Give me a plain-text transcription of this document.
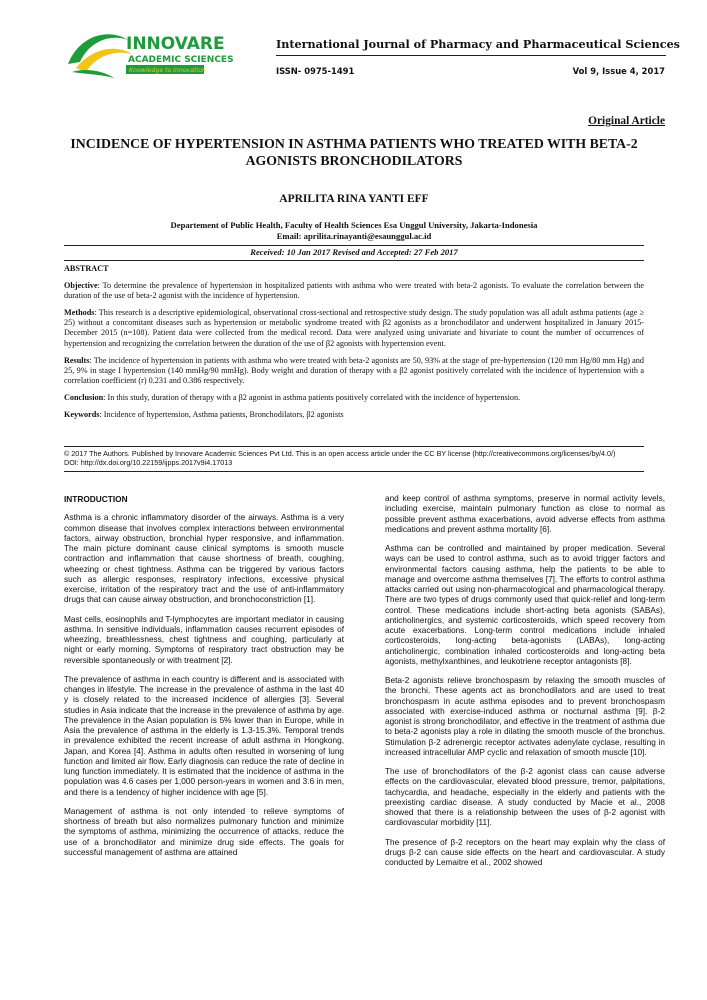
INNOVARE
ACADEMIC SCIENCES
Knowledge to Innovation
International Journal of Pharmacy and Pharmaceutical Sciences
ISSN- 0975-1491	Vol 9, Issue 4, 2017
Original Article
INCIDENCE OF HYPERTENSION IN ASTHMA PATIENTS WHO TREATED WITH BETA-2 AGONISTS BRONCHODILATORS
APRILITA RINA YANTI EFF
Departement of Public Health, Faculty of Health Sciences Esa Unggul University, Jakarta-Indonesia
Email: aprilita.rinayanti@esaunggul.ac.id
Received: 10 Jan 2017 Revised and Accepted: 27 Feb 2017
ABSTRACT

Objective: To determine the prevalence of hypertension in hospitalized patients with asthma who were treated with beta-2 agonists. To evaluate the correlation between the duration of the use of beta-2 agonist with the incidence of hypertension.

Methods: This research is a descriptive epidemiological, observational cross-sectional and retrospective study design. The study population was all adult asthma patients (age ≥ 25) without a concomitant diseases such as hypertension or metabolic syndrome treated with β2 agonists as a bronchodilator and underwent hospitalized in January 2015-December 2015 (n=108). Patient data were collected from the medical record. Data were analyzed using univariate and bivariate to count the number of occurrences of hypertension and recognizing the correlation between the duration of the use of β2 agonists with hypertension event.

Results: The incidence of hypertension in patients with asthma who were treated with beta-2 agonists are 50, 93% at the stage of pre-hypertension (120 mm Hg/80 mm Hg) and 25, 9% in stage I hypertension (140 mmHg/90 mmHg). Body weight and duration of therapy with a β2 agonist positively correlated with the incidence of hypertension with a correlation coefficient (r) 0.231 and 0.386 respectively.

Conclusion: In this study, duration of therapy with a β2 agonist in asthma patients positively correlated with the incidence of hypertension.

Keywords: Incidence of hypertension, Asthma patients, Bronchodilators, β2 agonists

© 2017 The Authors. Published by Innovare Academic Sciences Pvt Ltd. This is an open access article under the CC BY license (http://creativecommons.org/licenses/by/4.0/)
DOI: http://dx.doi.org/10.22159/ijpps.2017v9i4.17013
INTRODUCTION

Asthma is a chronic inflammatory disorder of the airways. Asthma is a very common disease that involves complex interactions between environmental factors, airway obstruction, bronchial hyper responsive, and inflammation. The main picture dominant cause clinical symptoms is smooth muscle contraction and inflammation that cause shortness of breath, coughing, wheezing or chest tightness. Asthma can be triggered by various factors such as allergic responses, respiratory infections, excessive physical exercise, irritation of the respiratory tract and the use of anti-inflammatory drugs that can cause airway obstruction, and bronchoconstriction [1].

Mast cells, eosinophils and T-lymphocytes are important mediator in causing asthma. In sensitive individuals, inflammation causes recurrent episodes of wheezing, breathlessness, chest tightness and coughing, particularly at night or early morning. Symptoms of respiratory tract obstruction may be reversible spontaneously or with treatment [2].

The prevalence of asthma in each country is different and is associated with changes in lifestyle. The increase in the prevalence of asthma in the last 40 y is closely related to the increased incidence of allergies [3]. Several studies in Asia indicate that the increase in the prevalence of asthma by age. The prevalence in the Asian population is 5% lower than in Europe, while in Asia the prevalence of asthma in the elderly is 1.3-15.3%. Temporal trends in prevalence exhibited the recent increase of adult asthma in Hongkong, Japan, and Korea [4]. Asthma in adults often resulted in worsening of lung function and limited air flow. Early diagnosis can reduce the rate of decline in lung function immediately. It is estimated that the incidence of asthma in the population was 4.6 cases per 1,000 person-years in women and 3.6 in men, and there is a tendency of higher incidence with age [5].

Management of asthma is not only intended to relieve symptoms of shortness of breath but also normalizes pulmonary function and minimize the symptoms of asthma, minimizing the occurrence of attacks, reduce the use of a bronchodilator and minimize drug side effects. The goals for successful management of asthma are attained

and keep control of asthma symptoms, preserve in normal activity levels, including exercise, maintain pulmonary function as close to normal as possible prevent asthma exacerbations, avoid adverse effects from asthma medications and prevent asthma mortality [6].

Asthma can be controlled and maintained by proper medication. Several ways can be used to control asthma, such as to avoid trigger factors and environmental factors causing asthma, help the patients to be able to manage and overcome asthma themselves [7]. The efforts to control asthma attacks carried out using non-pharmacological and pharmacological therapy. There are two types of drugs commonly used that quick-relief and long-term control. These medications include short-acting beta agonists (SABAs), anticholinergics, and systemic corticosteroids, which speed recovery from acute exacerbations. Long-term control medications include inhaled corticosteroids, long-acting beta-agonists (LABAs), long-acting anticholinergic, combination inhaled corticosteroids and long-acting beta agonists, methylxanthines, and leukotriene receptor antagonists [8].

Beta-2 agonists relieve bronchospasm by relaxing the smooth muscles of the bronchi. These agents act as bronchodilators and are used to treat bronchospasm in acute asthma episodes and to prevent bronchospasm associated with exercise-induced asthma or nocturnal asthma [9]. β-2 agonist is strong bronchodilator, and effective in the treatment of asthma due to beta-2 agonists play a role in dilating the smooth muscle of the bronchus. Stimulation β-2 adrenergic receptor activates adenylate cyclase, resulting in increased intracellular AMP cyclic and relaxation of smooth muscle [10].

The use of bronchodilators of the β-2 agonist class can cause adverse effects on the cardiovascular, elevated blood pressure, tremor, palpitations, tachycardia, and headache, especially in the elderly and patients with the preexisting cardiac disease. A study conducted by Macie et al., 2008 showed that there is a relationship between the uses of β-2 agonist with cardiovascular morbidity [11].

The presence of β-2 receptors on the heart may explain why the class of drugs β-2 can cause side effects on the heart and cardiovascular. A study conducted by Lemaitre et al., 2002 showed
